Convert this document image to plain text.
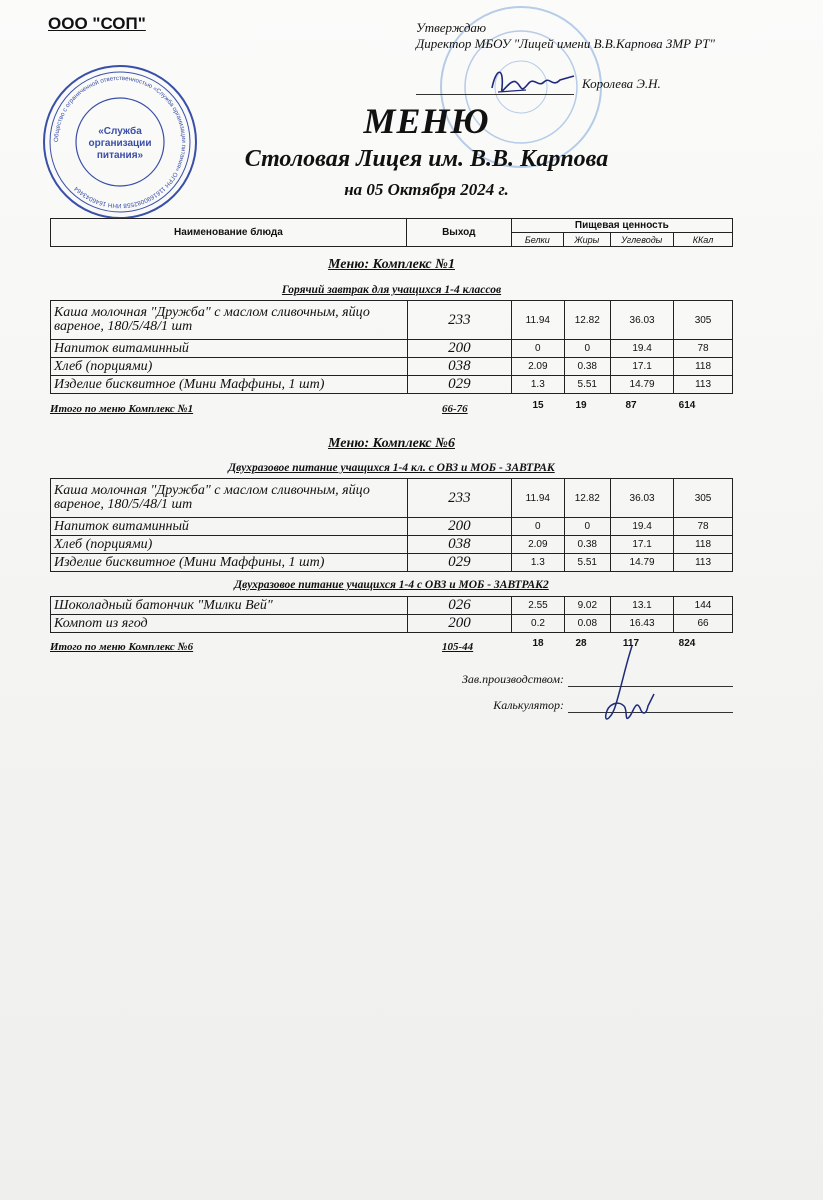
ООО "СОП"	Утверждаю
Директор МБОУ "Лицей имени В.В.Карпова ЗМР РТ"
Королева Э.Н.
Общество с ограниченной ответственностью «Служба организации питания» ОГРН 1161690082558 ИНН 1646043464
«Служба
организации
питания»
МЕНЮ
Столовая Лицея им. В.В. Карпова
на 05 Октября 2024 г.
Наименование блюда	Выход	Пищевая ценность			
		Белки	Жиры	Углеводы	ККал
Меню: Комплекс №1
Горячий завтрак для учащихся 1-4 классов
Каша молочная "Дружба" с маслом сливочным, яйцо вареное, 180/5/48/1 шт	233	11.94	12.82	36.03	305
Напиток витаминный	200	0	0	19.4	78
Хлеб (порциями)	038	2.09	0.38	17.1	118
Изделие бисквитное (Мини Маффины, 1 шт)	029	1.3	5.51	14.79	113
Итого по меню Комплекс №1	66-76	15	19	87	614
Меню: Комплекс №6
Двухразовое питание учащихся 1-4 кл. с ОВЗ и МОБ - ЗАВТРАК
Каша молочная "Дружба" с маслом сливочным, яйцо вареное, 180/5/48/1 шт	233	11.94	12.82	36.03	305
Напиток витаминный	200	0	0	19.4	78
Хлеб (порциями)	038	2.09	0.38	17.1	118
Изделие бисквитное (Мини Маффины, 1 шт)	029	1.3	5.51	14.79	113
Двухразовое питание учащихся 1-4 с ОВЗ и МОБ - ЗАВТРАК2
Шоколадный батончик "Милки Вей"	026	2.55	9.02	13.1	144
Компот из ягод	200	0.2	0.08	16.43	66
Итого по меню Комплекс №6	105-44	18	28	117	824
Зав.производством:
Калькулятор:
